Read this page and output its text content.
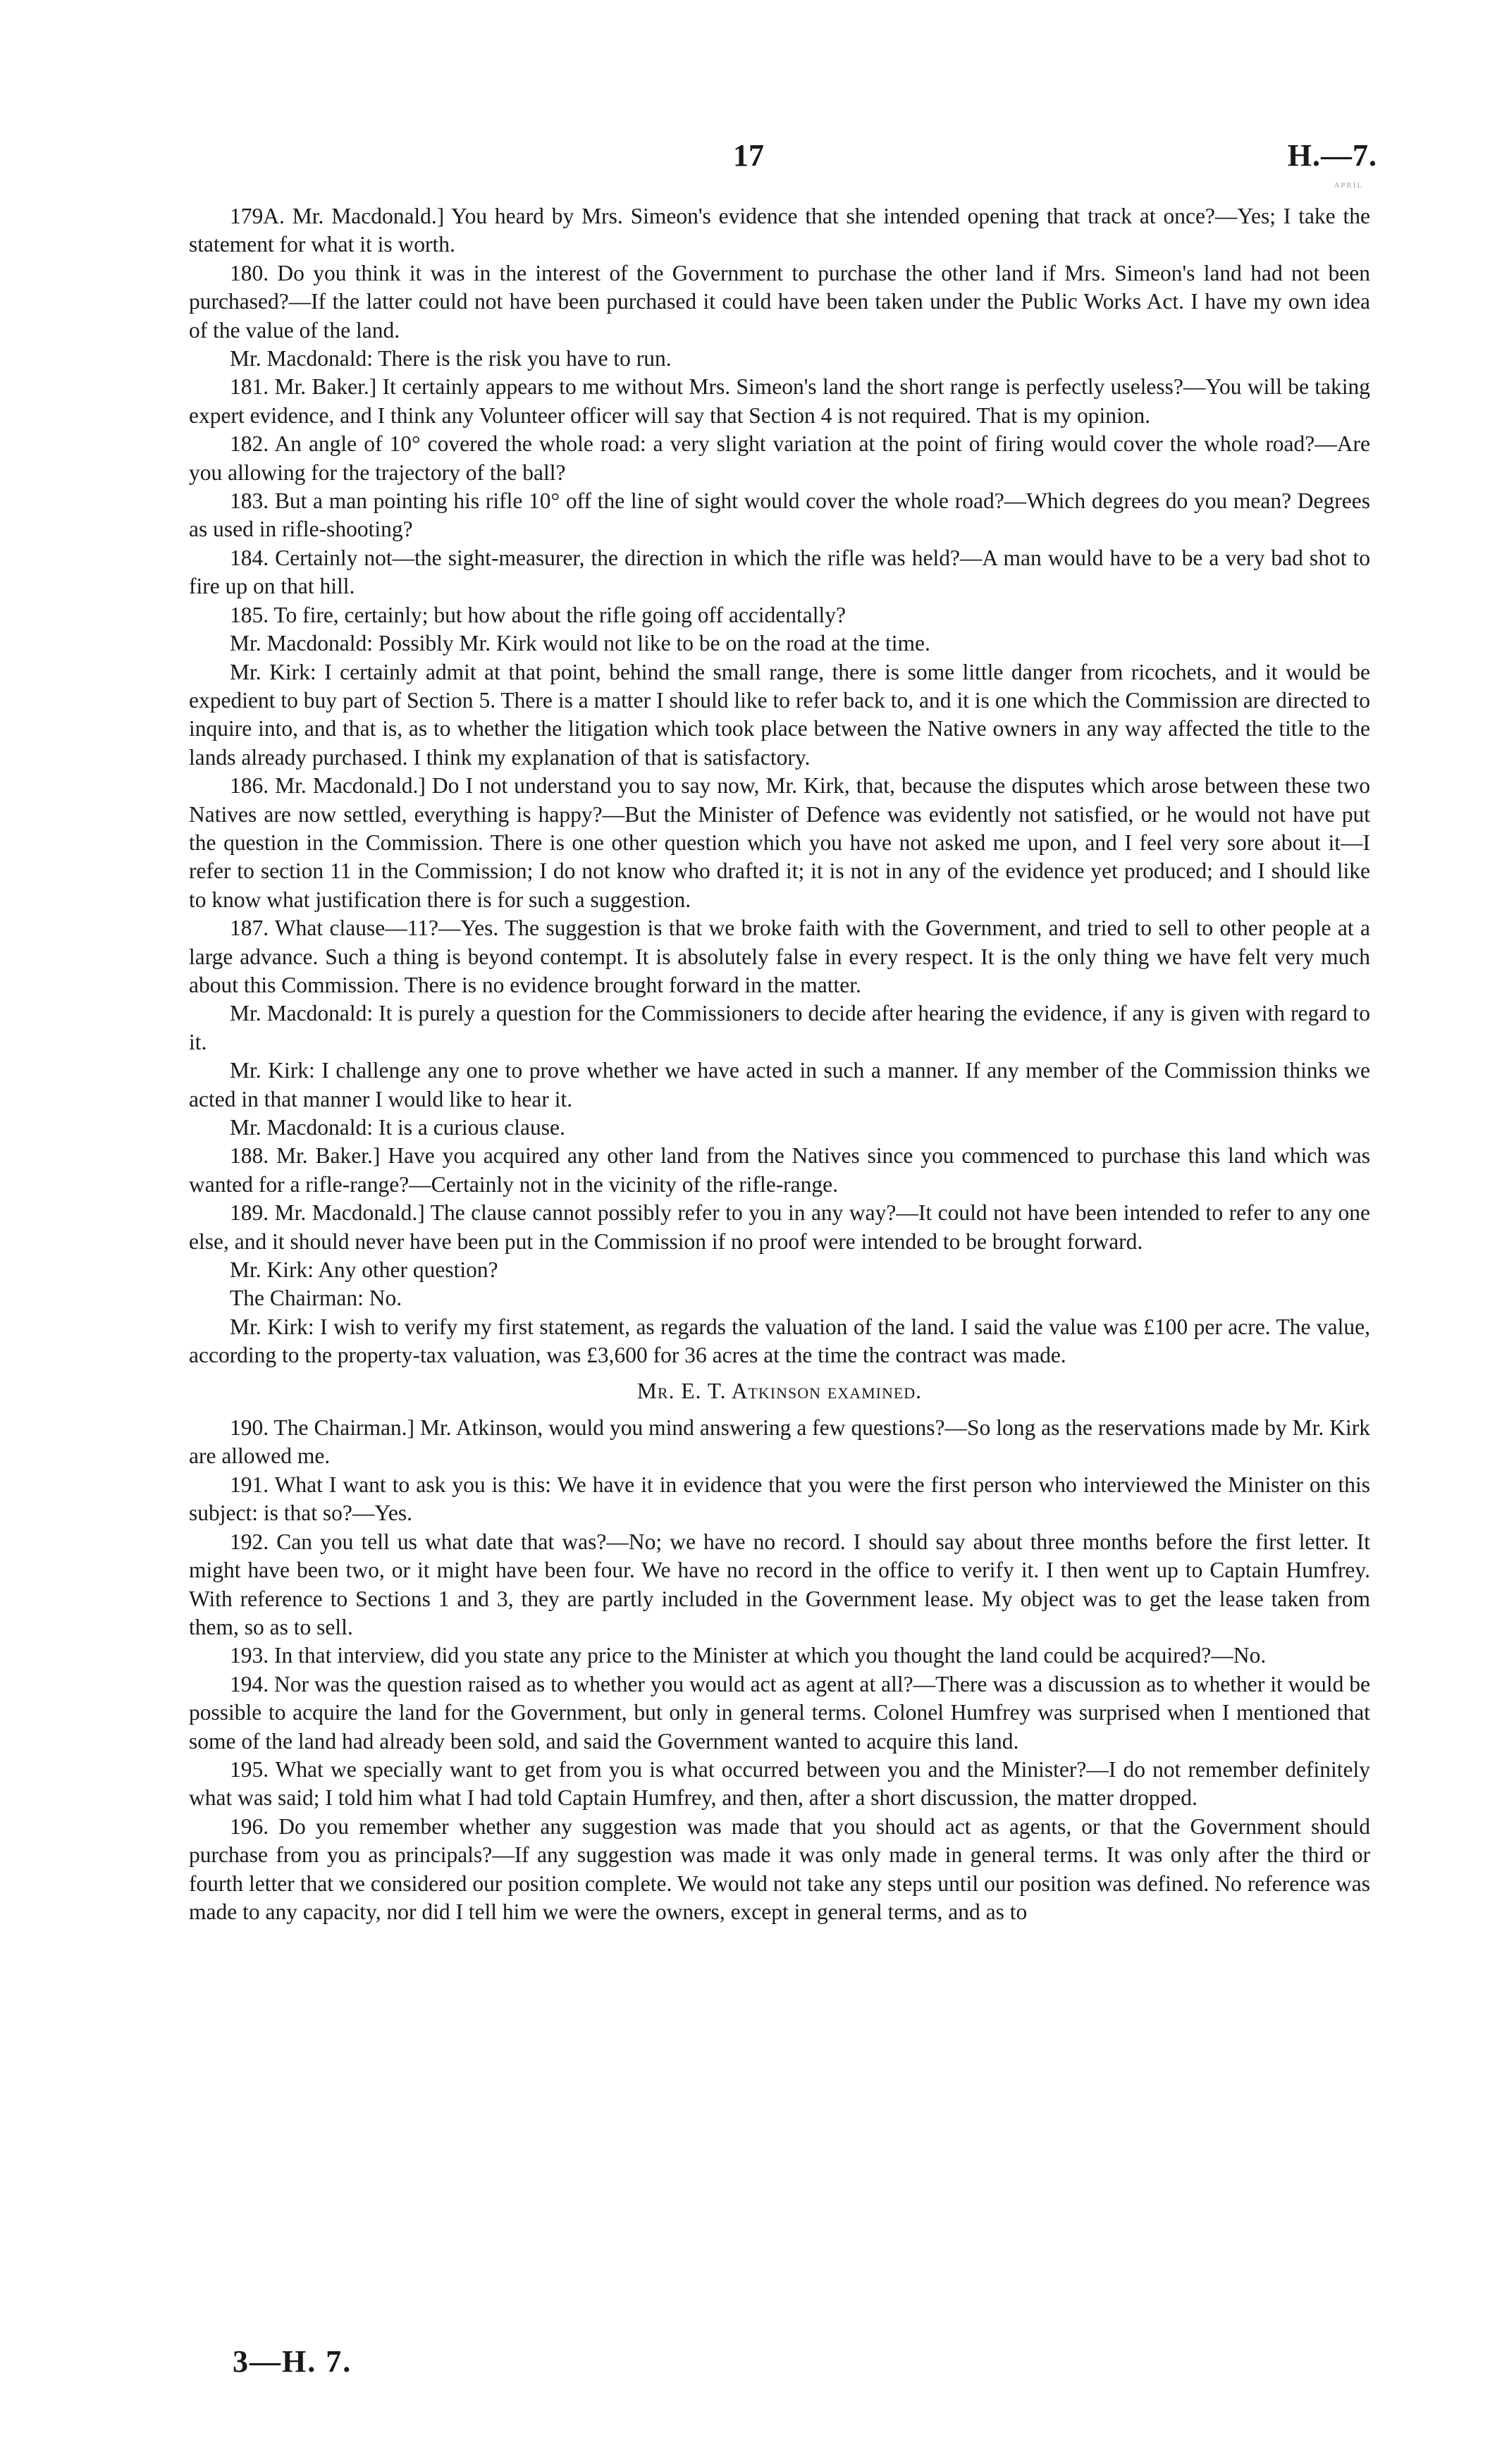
17	H.—7.
ᴬᴾᴿᴵᴸ

179A. Mr. Macdonald.] You heard by Mrs. Simeon's evidence that she intended opening that track at once?—Yes; I take the statement for what it is worth.

180. Do you think it was in the interest of the Government to purchase the other land if Mrs. Simeon's land had not been purchased?—If the latter could not have been purchased it could have been taken under the Public Works Act. I have my own idea of the value of the land.

Mr. Macdonald: There is the risk you have to run.

181. Mr. Baker.] It certainly appears to me without Mrs. Simeon's land the short range is perfectly useless?—You will be taking expert evidence, and I think any Volunteer officer will say that Section 4 is not required. That is my opinion.

182. An angle of 10° covered the whole road: a very slight variation at the point of firing would cover the whole road?—Are you allowing for the trajectory of the ball?

183. But a man pointing his rifle 10° off the line of sight would cover the whole road?—Which degrees do you mean? Degrees as used in rifle-shooting?

184. Certainly not—the sight-measurer, the direction in which the rifle was held?—A man would have to be a very bad shot to fire up on that hill.

185. To fire, certainly; but how about the rifle going off accidentally?

Mr. Macdonald: Possibly Mr. Kirk would not like to be on the road at the time.

Mr. Kirk: I certainly admit at that point, behind the small range, there is some little danger from ricochets, and it would be expedient to buy part of Section 5. There is a matter I should like to refer back to, and it is one which the Commission are directed to inquire into, and that is, as to whether the litigation which took place between the Native owners in any way affected the title to the lands already purchased. I think my explanation of that is satisfactory.

186. Mr. Macdonald.] Do I not understand you to say now, Mr. Kirk, that, because the disputes which arose between these two Natives are now settled, everything is happy?—But the Minister of Defence was evidently not satisfied, or he would not have put the question in the Commission. There is one other question which you have not asked me upon, and I feel very sore about it—I refer to section 11 in the Commission; I do not know who drafted it; it is not in any of the evidence yet produced; and I should like to know what justification there is for such a suggestion.

187. What clause—11?—Yes. The suggestion is that we broke faith with the Government, and tried to sell to other people at a large advance. Such a thing is beyond contempt. It is absolutely false in every respect. It is the only thing we have felt very much about this Commission. There is no evidence brought forward in the matter.

Mr. Macdonald: It is purely a question for the Commissioners to decide after hearing the evidence, if any is given with regard to it.

Mr. Kirk: I challenge any one to prove whether we have acted in such a manner. If any member of the Commission thinks we acted in that manner I would like to hear it.

Mr. Macdonald: It is a curious clause.

188. Mr. Baker.] Have you acquired any other land from the Natives since you commenced to purchase this land which was wanted for a rifle-range?—Certainly not in the vicinity of the rifle-range.

189. Mr. Macdonald.] The clause cannot possibly refer to you in any way?—It could not have been intended to refer to any one else, and it should never have been put in the Commission if no proof were intended to be brought forward.

Mr. Kirk: Any other question?

The Chairman: No.

Mr. Kirk: I wish to verify my first statement, as regards the valuation of the land. I said the value was £100 per acre. The value, according to the property-tax valuation, was £3,600 for 36 acres at the time the contract was made.

Mr. E. T. Atkinson examined.

190. The Chairman.] Mr. Atkinson, would you mind answering a few questions?—So long as the reservations made by Mr. Kirk are allowed me.

191. What I want to ask you is this: We have it in evidence that you were the first person who interviewed the Minister on this subject: is that so?—Yes.

192. Can you tell us what date that was?—No; we have no record. I should say about three months before the first letter. It might have been two, or it might have been four. We have no record in the office to verify it. I then went up to Captain Humfrey. With reference to Sections 1 and 3, they are partly included in the Government lease. My object was to get the lease taken from them, so as to sell.

193. In that interview, did you state any price to the Minister at which you thought the land could be acquired?—No.

194. Nor was the question raised as to whether you would act as agent at all?—There was a discussion as to whether it would be possible to acquire the land for the Government, but only in general terms. Colonel Humfrey was surprised when I mentioned that some of the land had already been sold, and said the Government wanted to acquire this land.

195. What we specially want to get from you is what occurred between you and the Minister?—I do not remember definitely what was said; I told him what I had told Captain Humfrey, and then, after a short discussion, the matter dropped.

196. Do you remember whether any suggestion was made that you should act as agents, or that the Government should purchase from you as principals?—If any suggestion was made it was only made in general terms. It was only after the third or fourth letter that we considered our position complete. We would not take any steps until our position was defined. No reference was made to any capacity, nor did I tell him we were the owners, except in general terms, and as to

3—H. 7.
